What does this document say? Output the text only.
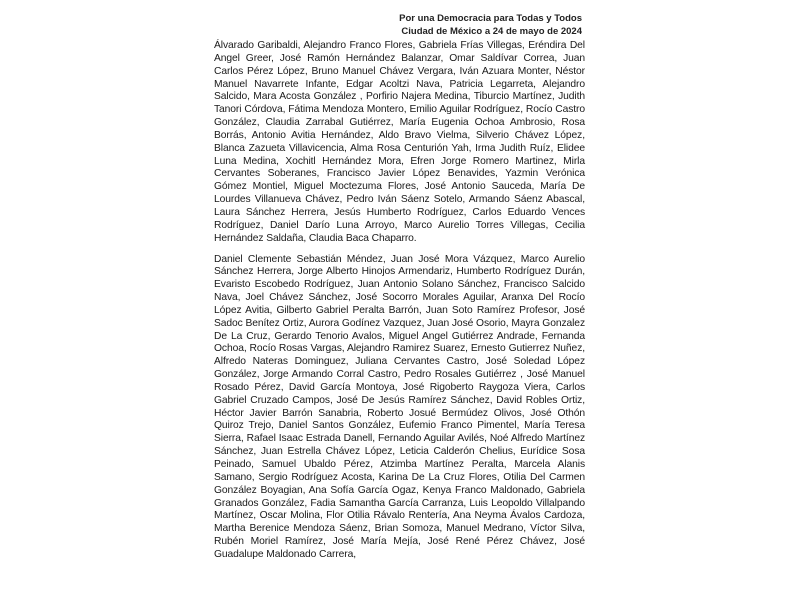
Por una Democracia para Todas y Todos
Ciudad de México a 24 de mayo de 2024

Álvarado Garibaldi, Alejandro Franco Flores, Gabriela Frías Villegas, Eréndira Del Angel Greer, José Ramón Hernández Balanzar, Omar Saldívar Correa, Juan Carlos Pérez López, Bruno Manuel Chávez Vergara, Iván Azuara Monter, Néstor Manuel Navarrete Infante, Edgar Acoltzi Nava, Patricia Legarreta, Alejandro Salcido, Mara Acosta González , Porfirio Najera Medina, Tiburcio Martínez, Judith Tanori Córdova, Fátima Mendoza Montero, Emilio Aguilar Rodríguez, Rocío Castro González, Claudia Zarrabal Gutiérrez, María Eugenia Ochoa Ambrosio, Rosa Borrás, Antonio Avitia Hernández, Aldo Bravo Vielma, Silverio Chávez López, Blanca Zazueta Villavicencia, Alma Rosa Centurión Yah, Irma Judith Ruíz, Elidee Luna Medina, Xochitl Hernández Mora, Efren Jorge Romero Martinez, Mirla Cervantes Soberanes, Francisco Javier López Benavides, Yazmin Verónica Gómez Montiel, Miguel Moctezuma Flores, José Antonio Sauceda, María De Lourdes Villanueva Chávez, Pedro Iván Sáenz Sotelo, Armando Sáenz Abascal, Laura Sánchez Herrera, Jesús Humberto Rodríguez, Carlos Eduardo Vences Rodríguez, Daniel Darío Luna Arroyo, Marco Aurelio Torres Villegas, Cecilia Hernández Saldaña, Claudia Baca Chaparro.

Daniel Clemente Sebastián Méndez, Juan José Mora Vázquez, Marco Aurelio Sánchez Herrera, Jorge Alberto Hinojos Armendariz, Humberto Rodríguez Durán, Evaristo Escobedo Rodríguez, Juan Antonio Solano Sánchez, Francisco Salcido Nava, Joel Chávez Sánchez, José Socorro Morales Aguilar, Aranxa Del Rocío López Avitia, Gilberto Gabriel Peralta Barrón, Juan Soto Ramírez Profesor, José Sadoc Benítez Ortiz, Aurora Godínez Vazquez, Juan José Osorio, Mayra Gonzalez De La Cruz, Gerardo Tenorio Avalos, Miguel Angel Gutiérrez Andrade, Fernanda Ochoa, Rocío Rosas Vargas, Alejandro Ramirez Suarez, Ernesto Gutierrez Nuñez, Alfredo Nateras Dominguez, Juliana Cervantes Castro, José Soledad López González, Jorge Armando Corral Castro, Pedro Rosales Gutiérrez , José Manuel Rosado Pérez, David García Montoya, José Rigoberto Raygoza Viera, Carlos Gabriel Cruzado Campos, José De Jesús Ramírez Sánchez, David Robles Ortiz, Héctor Javier Barrón Sanabria, Roberto Josué Bermúdez Olivos, José Othón Quiroz Trejo, Daniel Santos González, Eufemio Franco Pimentel, María Teresa Sierra, Rafael Isaac Estrada Danell, Fernando Aguilar Avilés, Noé Alfredo Martínez Sánchez, Juan Estrella Chávez López, Leticia Calderón Chelius, Eurídice Sosa Peinado, Samuel Ubaldo Pérez, Atzimba Martínez Peralta, Marcela Alanis Samano, Sergio Rodríguez Acosta, Karina De La Cruz Flores, Otilia Del Carmen González Boyagian, Ana Sofía García Ogaz, Kenya Franco Maldonado, Gabriela Granados González, Fadia Samantha García Carranza, Luis Leopoldo Villalpando Martínez, Oscar Molina, Flor Otilia Rávalo Rentería, Ana Neyma Ávalos Cardoza, Martha Berenice Mendoza Sáenz, Brian Somoza, Manuel Medrano, Víctor Silva, Rubén Moriel Ramírez, José María Mejía, José René Pérez Chávez, José Guadalupe Maldonado Carrera,
